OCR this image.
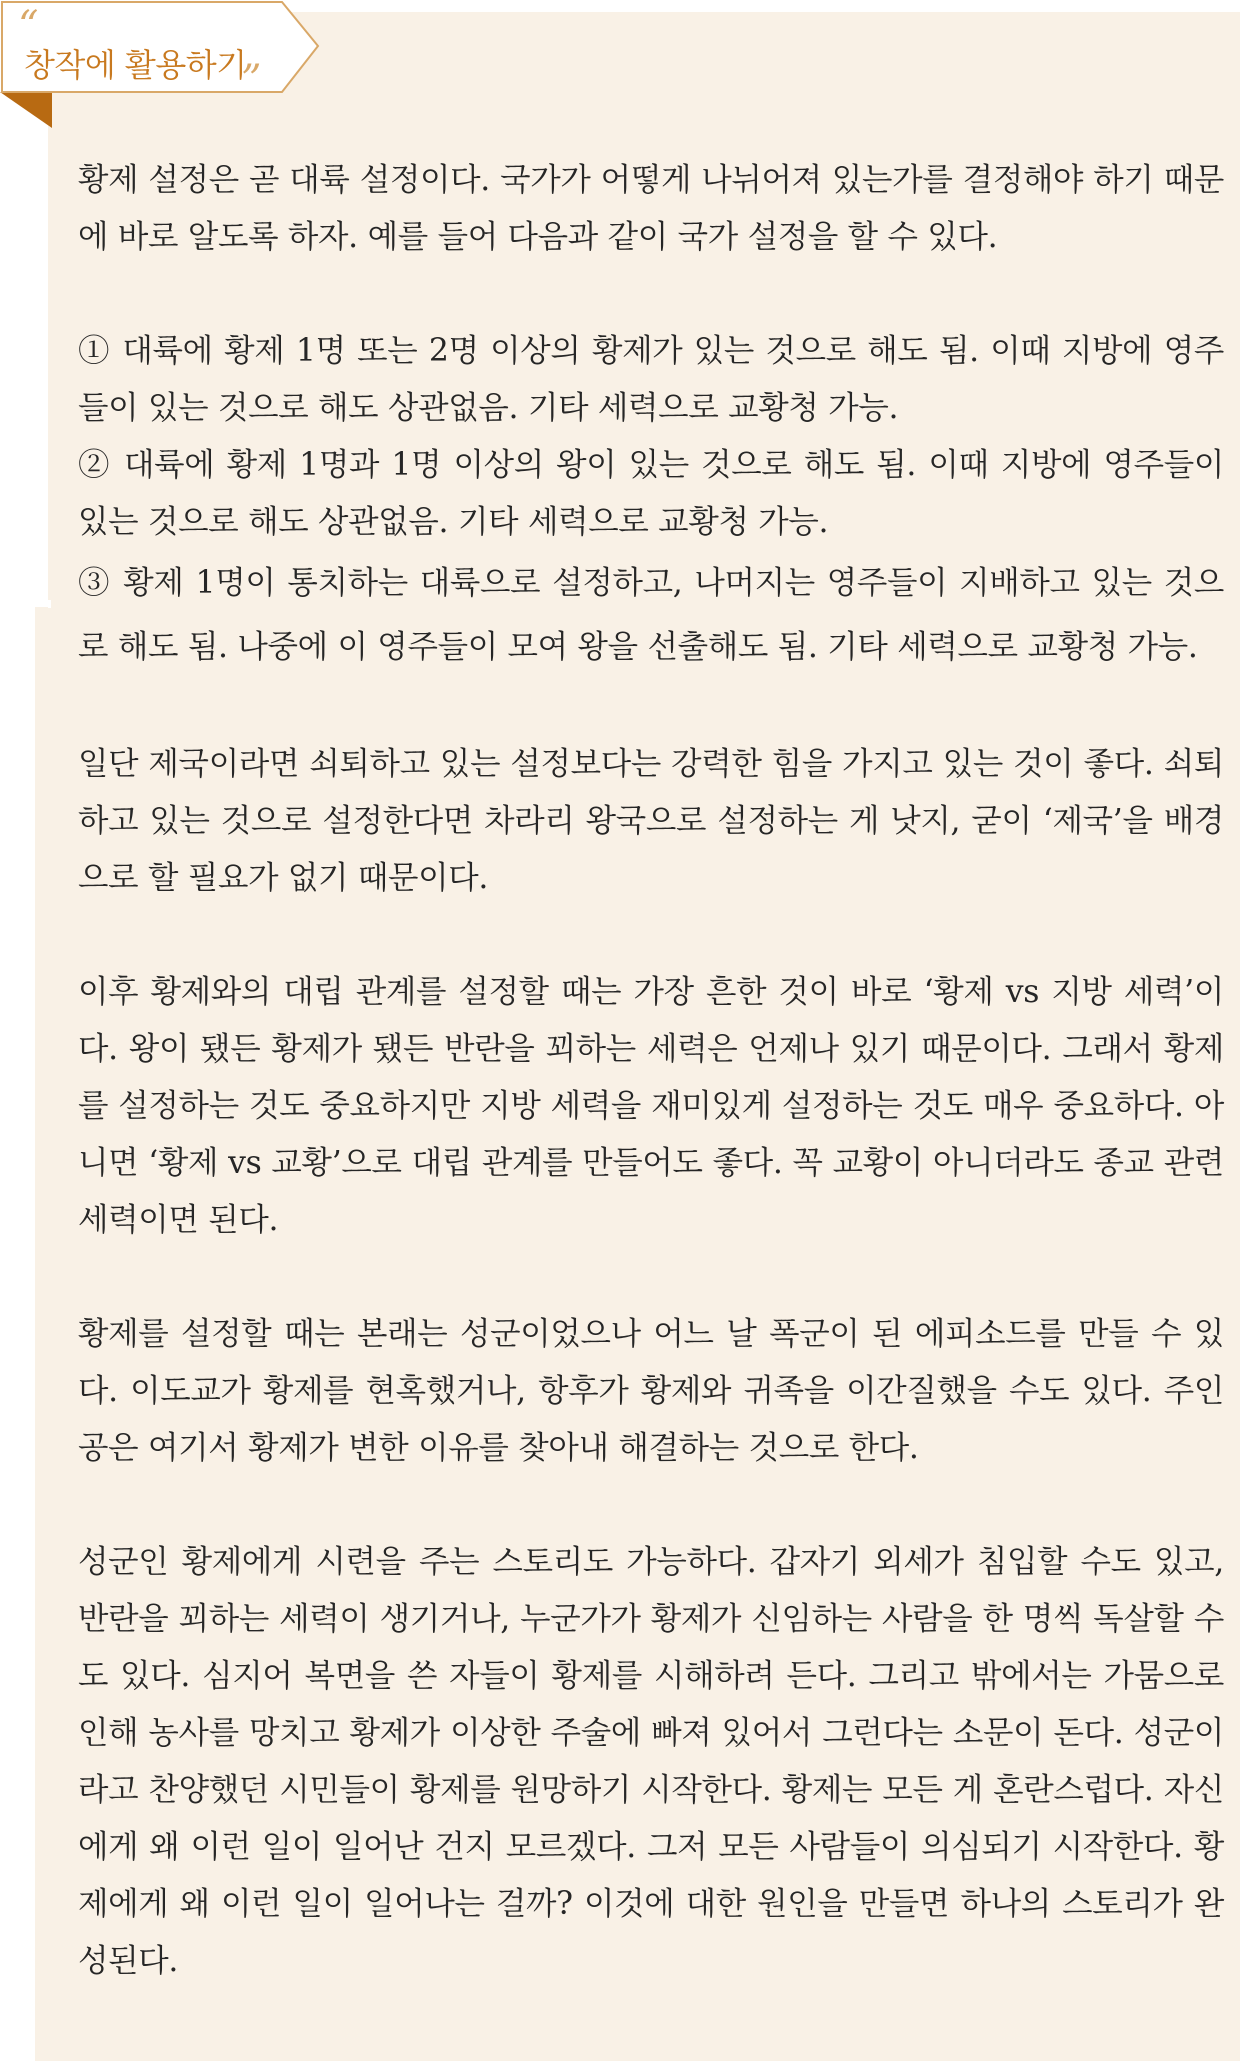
“
창작에 활용하기
”

황제 설정은 곧 대륙 설정이다. 국가가 어떻게 나뉘어져 있는가를 결정해야 하기 때문에 바로 알도록 하자. 예를 들어 다음과 같이 국가 설정을 할 수 있다.

① 대륙에 황제 1명 또는 2명 이상의 황제가 있는 것으로 해도 됨. 이때 지방에 영주들이 있는 것으로 해도 상관없음. 기타 세력으로 교황청 가능.

② 대륙에 황제 1명과 1명 이상의 왕이 있는 것으로 해도 됨. 이때 지방에 영주들이 있는 것으로 해도 상관없음. 기타 세력으로 교황청 가능.

③ 황제 1명이 통치하는 대륙으로 설정하고, 나머지는 영주들이 지배하고 있는 것으로 해도 됨. 나중에 이 영주들이 모여 왕을 선출해도 됨. 기타 세력으로 교황청 가능.

일단 제국이라면 쇠퇴하고 있는 설정보다는 강력한 힘을 가지고 있는 것이 좋다. 쇠퇴하고 있는 것으로 설정한다면 차라리 왕국으로 설정하는 게 낫지, 굳이 ‘제국’을 배경으로 할 필요가 없기 때문이다.

이후 황제와의 대립 관계를 설정할 때는 가장 흔한 것이 바로 ‘황제 vs 지방 세력’이다. 왕이 됐든 황제가 됐든 반란을 꾀하는 세력은 언제나 있기 때문이다. 그래서 황제를 설정하는 것도 중요하지만 지방 세력을 재미있게 설정하는 것도 매우 중요하다. 아니면 ‘황제 vs 교황’으로 대립 관계를 만들어도 좋다. 꼭 교황이 아니더라도 종교 관련 세력이면 된다.

황제를 설정할 때는 본래는 성군이었으나 어느 날 폭군이 된 에피소드를 만들 수 있다. 이도교가 황제를 현혹했거나, 항후가 황제와 귀족을 이간질했을 수도 있다. 주인공은 여기서 황제가 변한 이유를 찾아내 해결하는 것으로 한다.

성군인 황제에게 시련을 주는 스토리도 가능하다. 갑자기 외세가 침입할 수도 있고, 반란을 꾀하는 세력이 생기거나, 누군가가 황제가 신임하는 사람을 한 명씩 독살할 수도 있다. 심지어 복면을 쓴 자들이 황제를 시해하려 든다. 그리고 밖에서는 가뭄으로 인해 농사를 망치고 황제가 이상한 주술에 빠져 있어서 그런다는 소문이 돈다. 성군이라고 찬양했던 시민들이 황제를 원망하기 시작한다. 황제는 모든 게 혼란스럽다. 자신에게 왜 이런 일이 일어난 건지 모르겠다. 그저 모든 사람들이 의심되기 시작한다. 황제에게 왜 이런 일이 일어나는 걸까? 이것에 대한 원인을 만들면 하나의 스토리가 완성된다.
